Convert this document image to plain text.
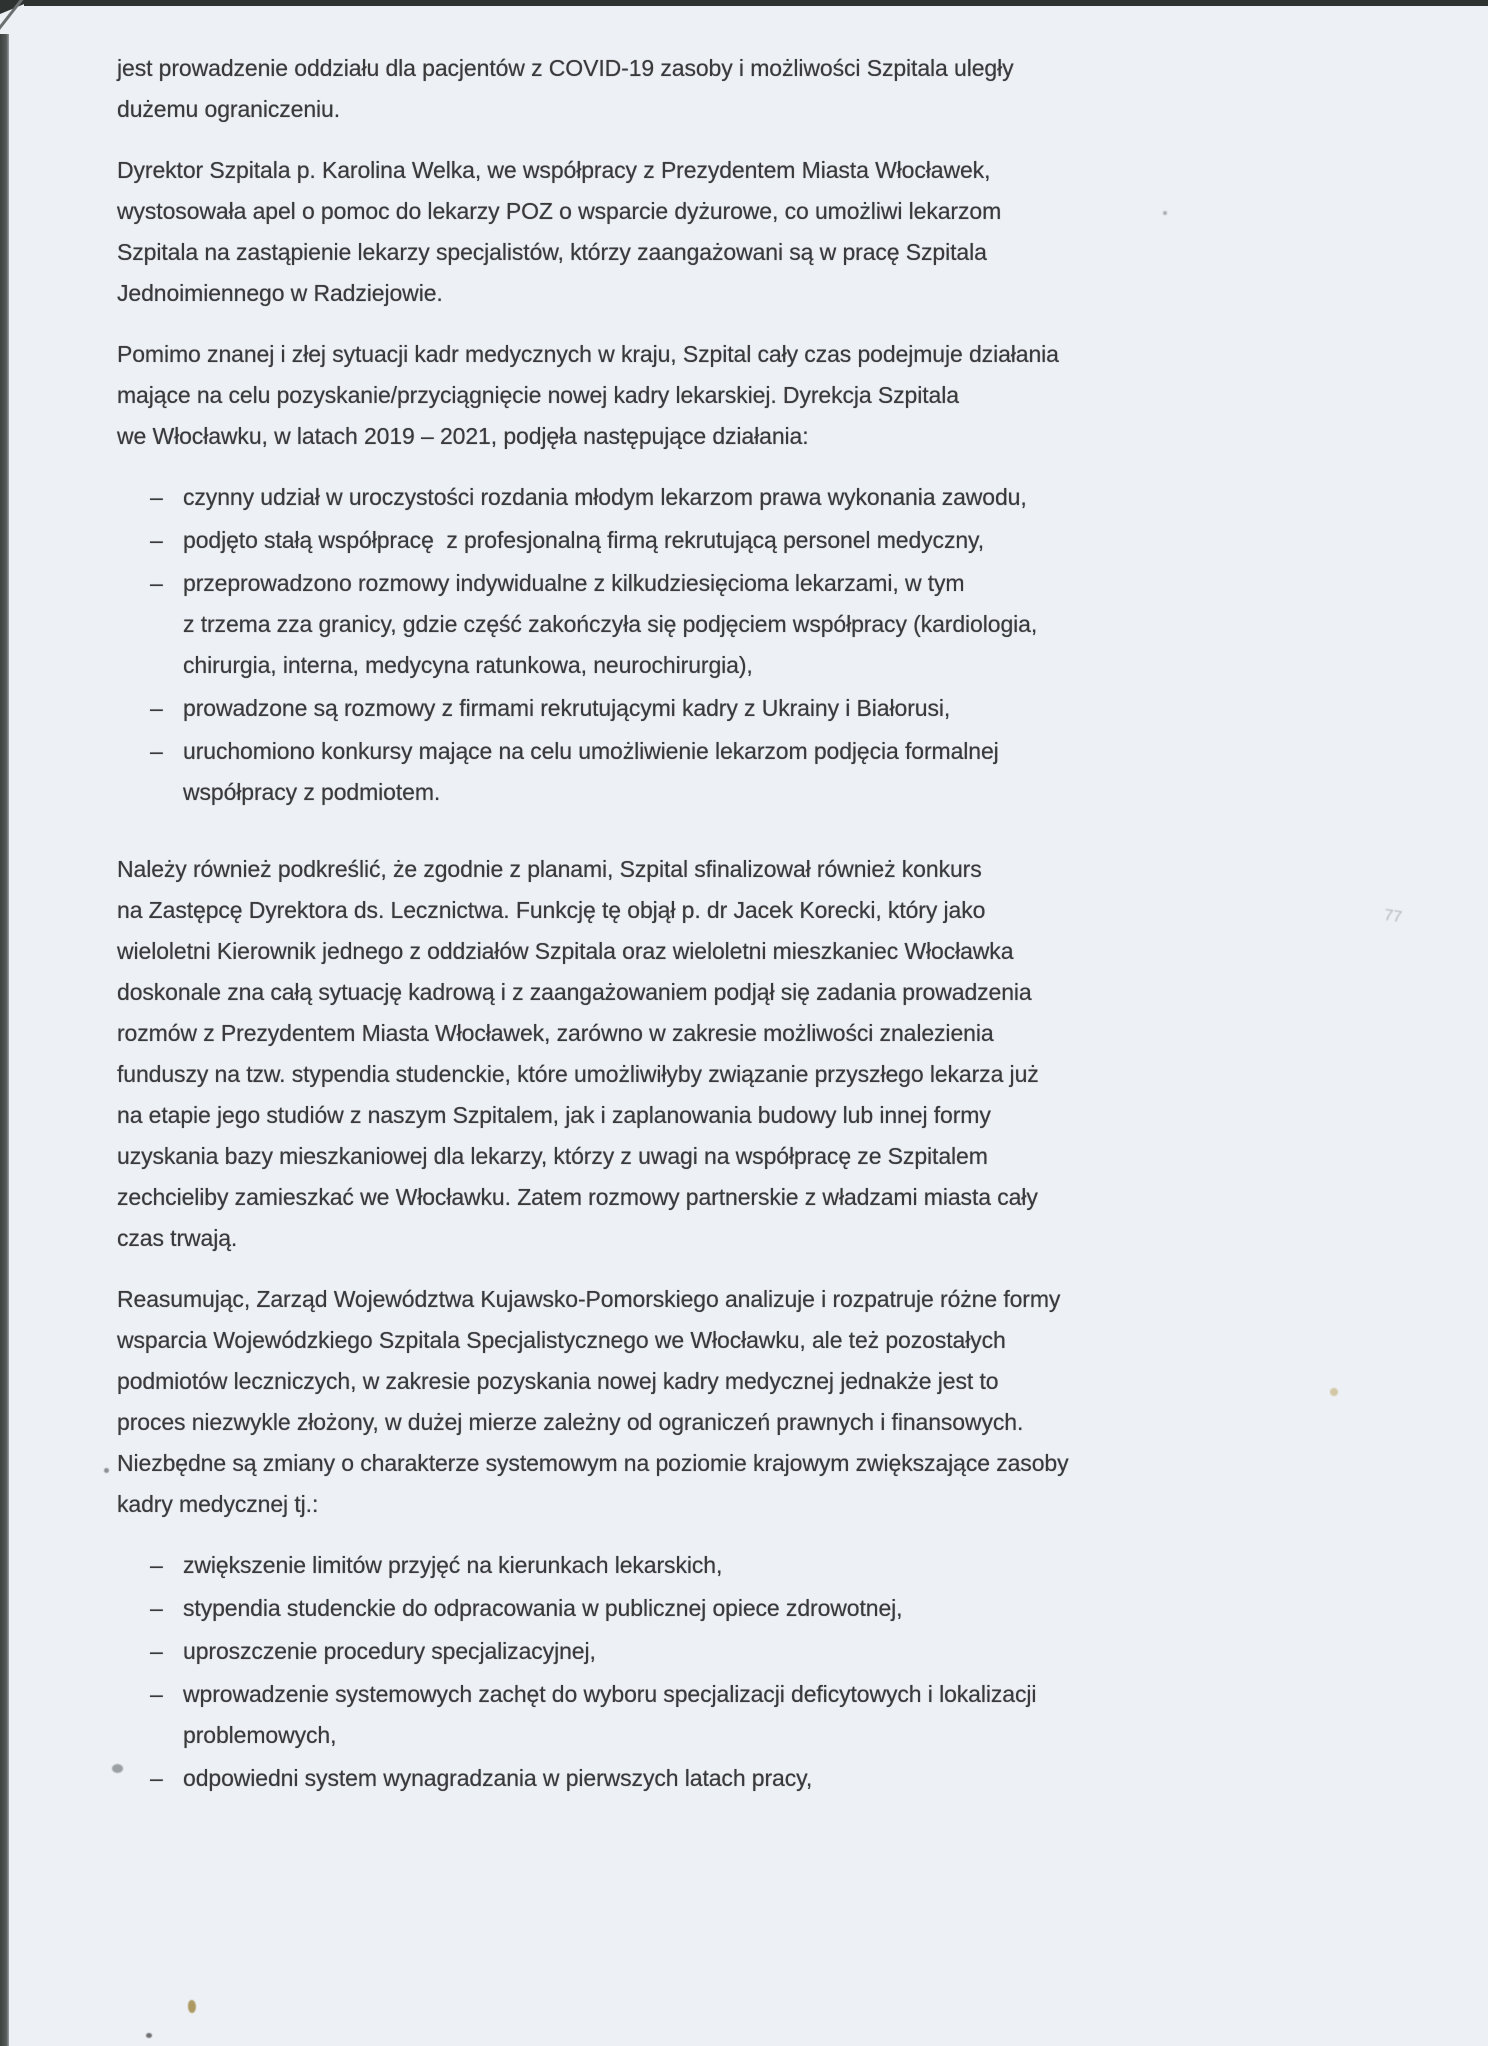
jest prowadzenie oddziału dla pacjentów z COVID-19 zasoby i możliwości Szpitala uległy
dużemu ograniczeniu.
Dyrektor Szpitala p. Karolina Welka, we współpracy z Prezydentem Miasta Włocławek,
wystosowała apel o pomoc do lekarzy POZ o wsparcie dyżurowe, co umożliwi lekarzom
Szpitala na zastąpienie lekarzy specjalistów, którzy zaangażowani są w pracę Szpitala
Jednoimiennego w Radziejowie.
Pomimo znanej i złej sytuacji kadr medycznych w kraju, Szpital cały czas podejmuje działania
mające na celu pozyskanie/przyciągnięcie nowej kadry lekarskiej. Dyrekcja Szpitala
we Włocławku, w latach 2019 – 2021, podjęła następujące działania:
– czynny udział w uroczystości rozdania młodym lekarzom prawa wykonania zawodu,
– podjęto stałą współpracę  z profesjonalną firmą rekrutującą personel medyczny,
– przeprowadzono rozmowy indywidualne z kilkudziesięcioma lekarzami, w tym
z trzema zza granicy, gdzie część zakończyła się podjęciem współpracy (kardiologia,
chirurgia, interna, medycyna ratunkowa, neurochirurgia),
– prowadzone są rozmowy z firmami rekrutującymi kadry z Ukrainy i Białorusi,
– uruchomiono konkursy mające na celu umożliwienie lekarzom podjęcia formalnej
współpracy z podmiotem.
Należy również podkreślić, że zgodnie z planami, Szpital sfinalizował również konkurs
na Zastępcę Dyrektora ds. Lecznictwa. Funkcję tę objął p. dr Jacek Korecki, który jako
wieloletni Kierownik jednego z oddziałów Szpitala oraz wieloletni mieszkaniec Włocławka
doskonale zna całą sytuację kadrową i z zaangażowaniem podjął się zadania prowadzenia
rozmów z Prezydentem Miasta Włocławek, zarówno w zakresie możliwości znalezienia
funduszy na tzw. stypendia studenckie, które umożliwiłyby związanie przyszłego lekarza już
na etapie jego studiów z naszym Szpitalem, jak i zaplanowania budowy lub innej formy
uzyskania bazy mieszkaniowej dla lekarzy, którzy z uwagi na współpracę ze Szpitalem
zechcieliby zamieszkać we Włocławku. Zatem rozmowy partnerskie z władzami miasta cały
czas trwają.
Reasumując, Zarząd Województwa Kujawsko-Pomorskiego analizuje i rozpatruje różne formy
wsparcia Wojewódzkiego Szpitala Specjalistycznego we Włocławku, ale też pozostałych
podmiotów leczniczych, w zakresie pozyskania nowej kadry medycznej jednakże jest to
proces niezwykle złożony, w dużej mierze zależny od ograniczeń prawnych i finansowych.
Niezbędne są zmiany o charakterze systemowym na poziomie krajowym zwiększające zasoby
kadry medycznej tj.:
– zwiększenie limitów przyjęć na kierunkach lekarskich,
– stypendia studenckie do odpracowania w publicznej opiece zdrowotnej,
– uproszczenie procedury specjalizacyjnej,
– wprowadzenie systemowych zachęt do wyboru specjalizacji deficytowych i lokalizacji
problemowych,
– odpowiedni system wynagradzania w pierwszych latach pracy,
77
